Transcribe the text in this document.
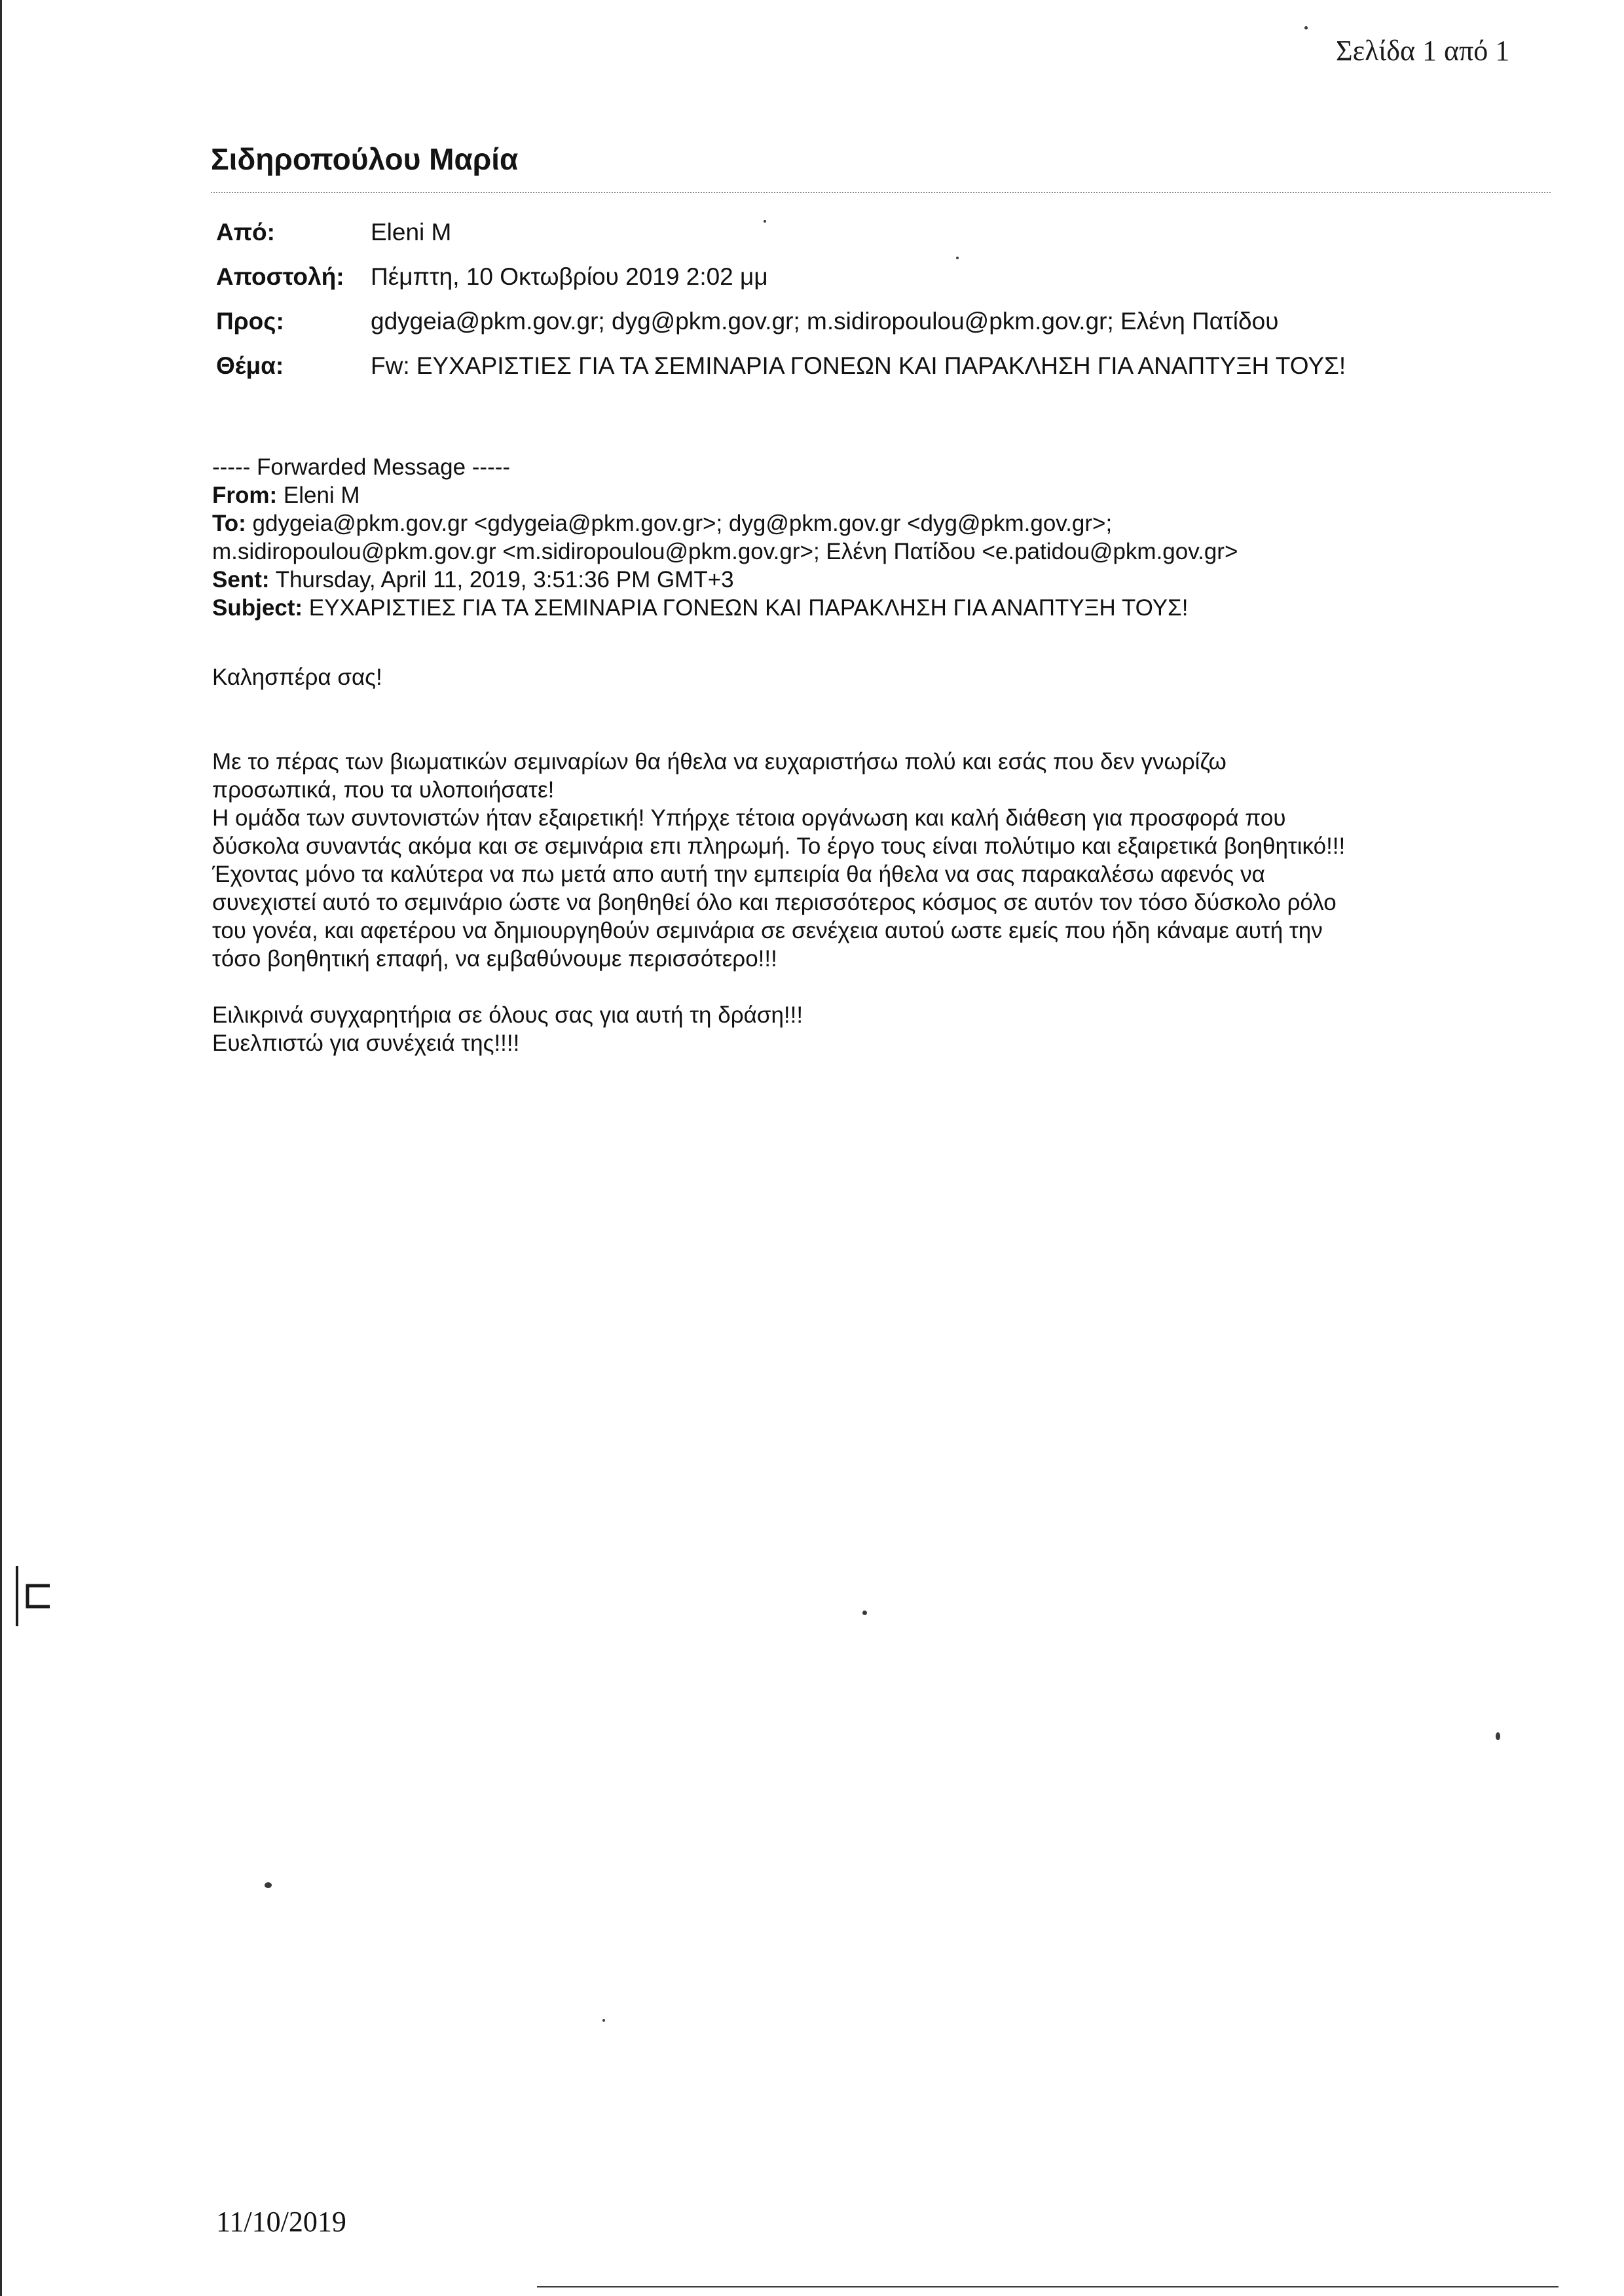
Σελίδα 1 από 1
Σιδηροπούλου Μαρία
Από:	Eleni M
Αποστολή: Πέμπτη, 10 Οκτωβρίου 2019 2:02 μμ
Προς:	gdygeia@pkm.gov.gr; dyg@pkm.gov.gr; m.sidiropoulou@pkm.gov.gr; Ελένη Πατίδου
Θέμα:	Fw: ΕΥΧΑΡΙΣΤΙΕΣ ΓΙΑ ΤΑ ΣΕΜΙΝΑΡΙΑ ΓΟΝΕΩΝ ΚΑΙ ΠΑΡΑΚΛΗΣΗ ΓΙΑ ΑΝΑΠΤΥΞΗ ΤΟΥΣ!
----- Forwarded Message -----
From: Eleni M
To: gdygeia@pkm.gov.gr <gdygeia@pkm.gov.gr>; dyg@pkm.gov.gr <dyg@pkm.gov.gr>;
m.sidiropoulou@pkm.gov.gr <m.sidiropoulou@pkm.gov.gr>; Ελένη Πατίδου <e.patidou@pkm.gov.gr>
Sent: Thursday, April 11, 2019, 3:51:36 PM GMT+3
Subject: ΕΥΧΑΡΙΣΤΙΕΣ ΓΙΑ ΤΑ ΣΕΜΙΝΑΡΙΑ ΓΟΝΕΩΝ ΚΑΙ ΠΑΡΑΚΛΗΣΗ ΓΙΑ ΑΝΑΠΤΥΞΗ ΤΟΥΣ!
Καλησπέρα σας!
Με το πέρας των βιωματικών σεμιναρίων θα ήθελα να ευχαριστήσω πολύ και εσάς που δεν γνωρίζω
προσωπικά, που τα υλοποιήσατε!
Η ομάδα των συντονιστών ήταν εξαιρετική! Υπήρχε τέτοια οργάνωση και καλή διάθεση για προσφορά που
δύσκολα συναντάς ακόμα και σε σεμινάρια επι πληρωμή. Το έργο τους είναι πολύτιμο και εξαιρετικά βοηθητικό!!!
Έχοντας μόνο τα καλύτερα να πω μετά απο αυτή την εμπειρία θα ήθελα να σας παρακαλέσω αφενός να
συνεχιστεί αυτό το σεμινάριο ώστε να βοηθηθεί όλο και περισσότερος κόσμος σε αυτόν τον τόσο δύσκολο ρόλο
του γονέα, και αφετέρου να δημιουργηθούν σεμινάρια σε σενέχεια αυτού ωστε εμείς που ήδη κάναμε αυτή την
τόσο βοηθητική επαφή, να εμβαθύνουμε περισσότερο!!!
Ειλικρινά συγχαρητήρια σε όλους σας για αυτή τη δράση!!!
Ευελπιστώ για συνέχειά της!!!!
11/10/2019
